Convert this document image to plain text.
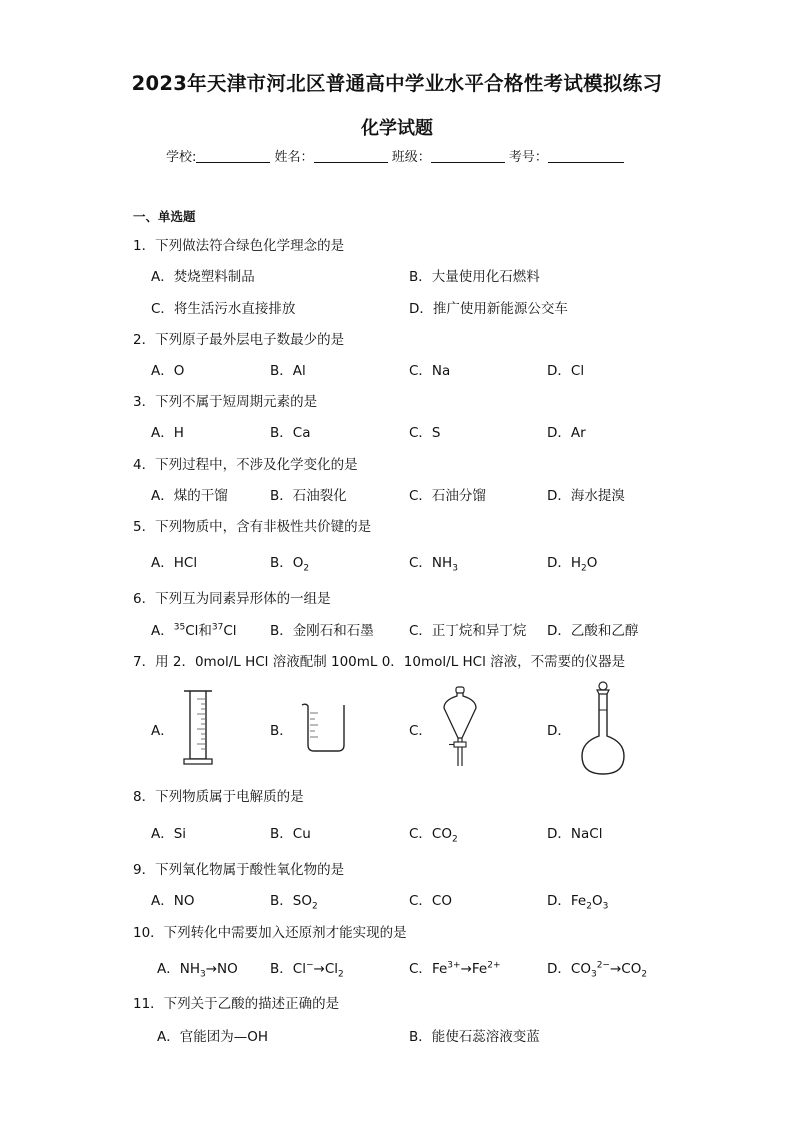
2023年天津市河北区普通高中学业水平合格性考试模拟练习
化学试题
学校:	姓名：	班级：	考号：
一、单选题
1．下列做法符合绿色化学理念的是
A．焚烧塑料制品	B．大量使用化石燃料
C．将生活污水直接排放	D．推广使用新能源公交车
2．下列原子最外层电子数最少的是
A．O	B．Al	C．Na	D．Cl
3．下列不属于短周期元素的是
A．H	B．Ca	C．S	D．Ar
4．下列过程中，不涉及化学变化的是
A．煤的干馏	B．石油裂化	C．石油分馏	D．海水提溴
5．下列物质中，含有非极性共价键的是
A．HCl	B．$O_2$	C．$NH_3$	D．$H_2O$
6．下列互为同素异形体的一组是
A．$^{35}$Cl和$^{37}$Cl B．金刚石和石墨	C．正丁烷和异丁烷 D．乙酸和乙醇
7．用 2．0mol/L HCl 溶液配制 100mL 0．10mol/L HCl 溶液，不需要的仪器是
A．	B．	C．	D．
8．下列物质属于电解质的是
A．Si	B．Cu	C．$CO_2$	D．NaCl
9．下列氧化物属于酸性氧化物的是
A．NO	B．$SO_2$	C．CO	D．$Fe_2O_3$
10．下列转化中需要加入还原剂才能实现的是
A．$NH_3\to NO$ B．$Cl^-\to Cl_2$	C．$Fe^{3+}\to Fe^{2+}$	D．$CO_3^{2-}\to CO_2$
11．下列关于乙酸的描述正确的是
A．官能团为—OH	B．能使石蕊溶液变蓝
